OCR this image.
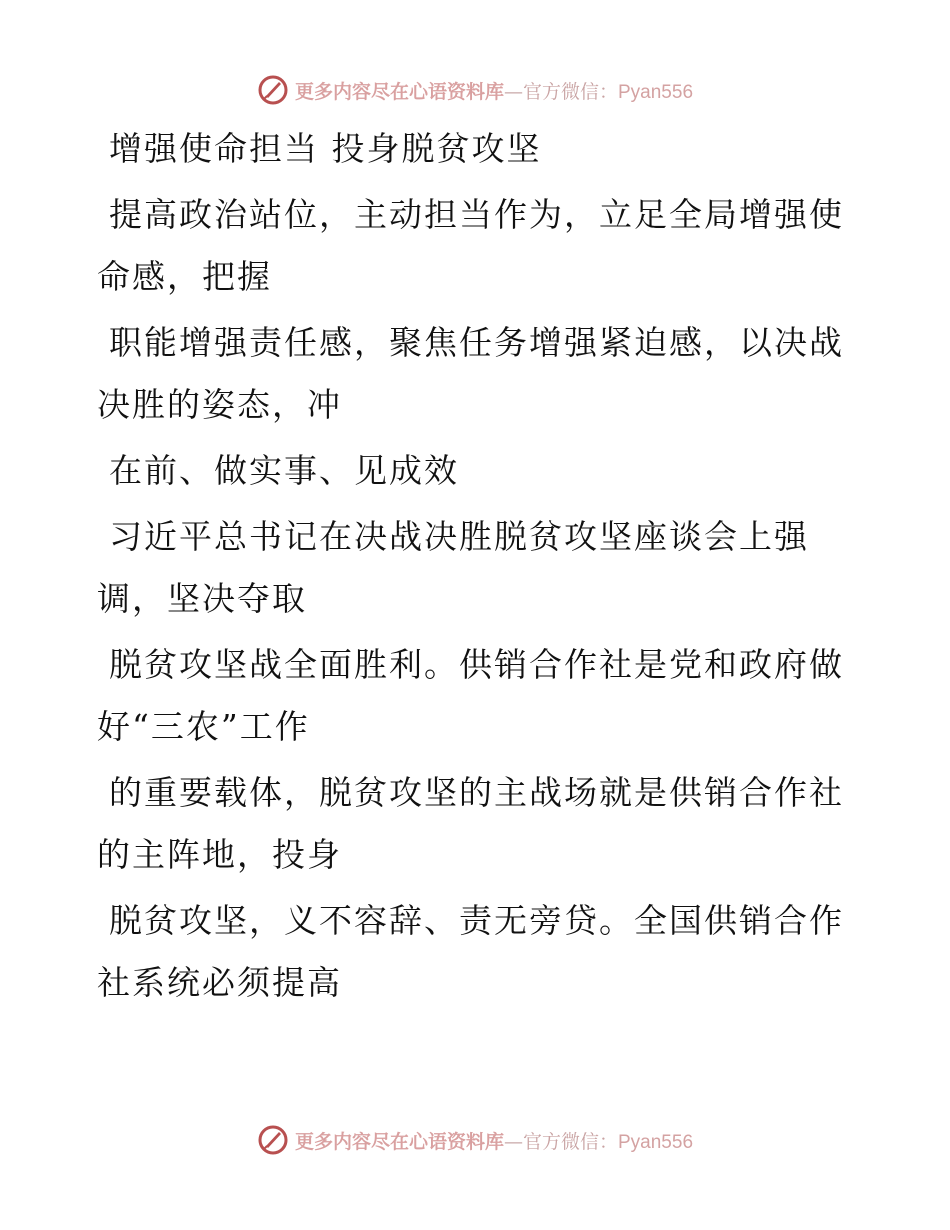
更多内容尽在心语资料库—官方微信：Pyan556

增强使命担当 投身脱贫攻坚

提高政治站位，主动担当作为，立足全局增强使

命感，把握

职能增强责任感，聚焦任务增强紧迫感，以决战

决胜的姿态，冲

在前、做实事、见成效

习近平总书记在决战决胜脱贫攻坚座谈会上强

调，坚决夺取

脱贫攻坚战全面胜利。供销合作社是党和政府做

好“三农”工作

的重要载体，脱贫攻坚的主战场就是供销合作社

的主阵地，投身

脱贫攻坚，义不容辞、责无旁贷。全国供销合作

社系统必须提高

更多内容尽在心语资料库—官方微信：Pyan556
